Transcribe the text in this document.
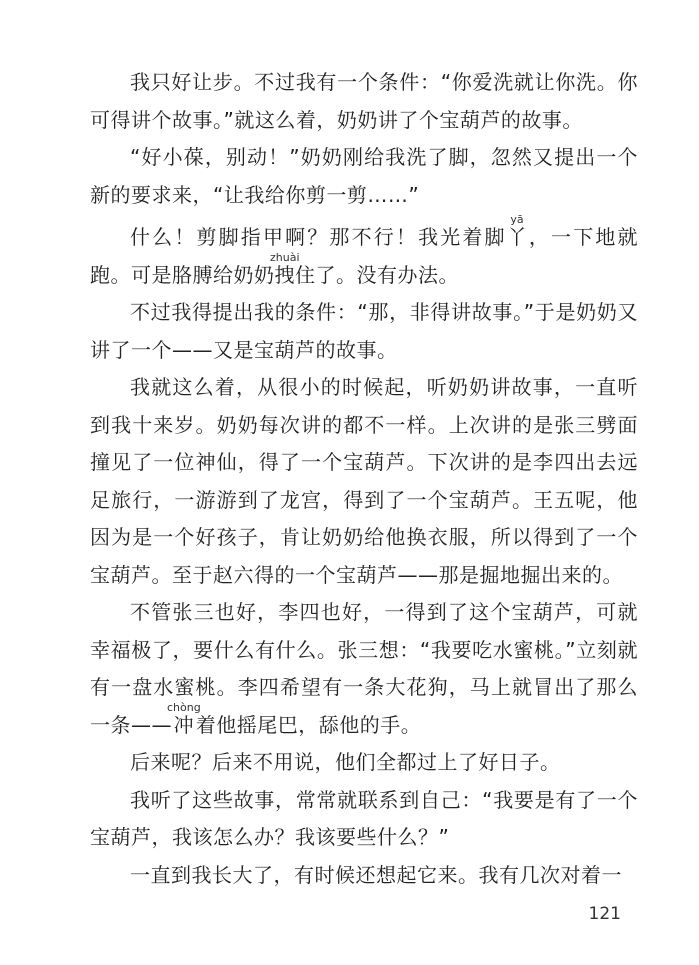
我只好让步。不过我有一个条件：“你爱洗就让你洗。你可得讲个故事。”就这么着，奶奶讲了个宝葫芦的故事。

“好小葆，别动！”奶奶刚给我洗了脚，忽然又提出一个新的要求来，“让我给你剪一剪……”

什么！剪脚指甲啊？那不行！我光着脚丫yā，一下地就跑。可是胳膊给奶奶拽zhuài住了。没有办法。

不过我得提出我的条件：“那，非得讲故事。”于是奶奶又讲了一个——又是宝葫芦的故事。

我就这么着，从很小的时候起，听奶奶讲故事，一直听到我十来岁。奶奶每次讲的都不一样。上次讲的是张三劈面撞见了一位神仙，得了一个宝葫芦。下次讲的是李四出去远足旅行，一游游到了龙宫，得到了一个宝葫芦。王五呢，他因为是一个好孩子，肯让奶奶给他换衣服，所以得到了一个宝葫芦。至于赵六得的一个宝葫芦——那是掘地掘出来的。

不管张三也好，李四也好，一得到了这个宝葫芦，可就幸福极了，要什么有什么。张三想：“我要吃水蜜桃。”立刻就有一盘水蜜桃。李四希望有一条大花狗，马上就冒出了那么一条——冲chòng着他摇尾巴，舔他的手。

后来呢？后来不用说，他们全都过上了好日子。

我听了这些故事，常常就联系到自己：“我要是有了一个宝葫芦，我该怎么办？我该要些什么？”

一直到我长大了，有时候还想起它来。我有几次对着一

121
